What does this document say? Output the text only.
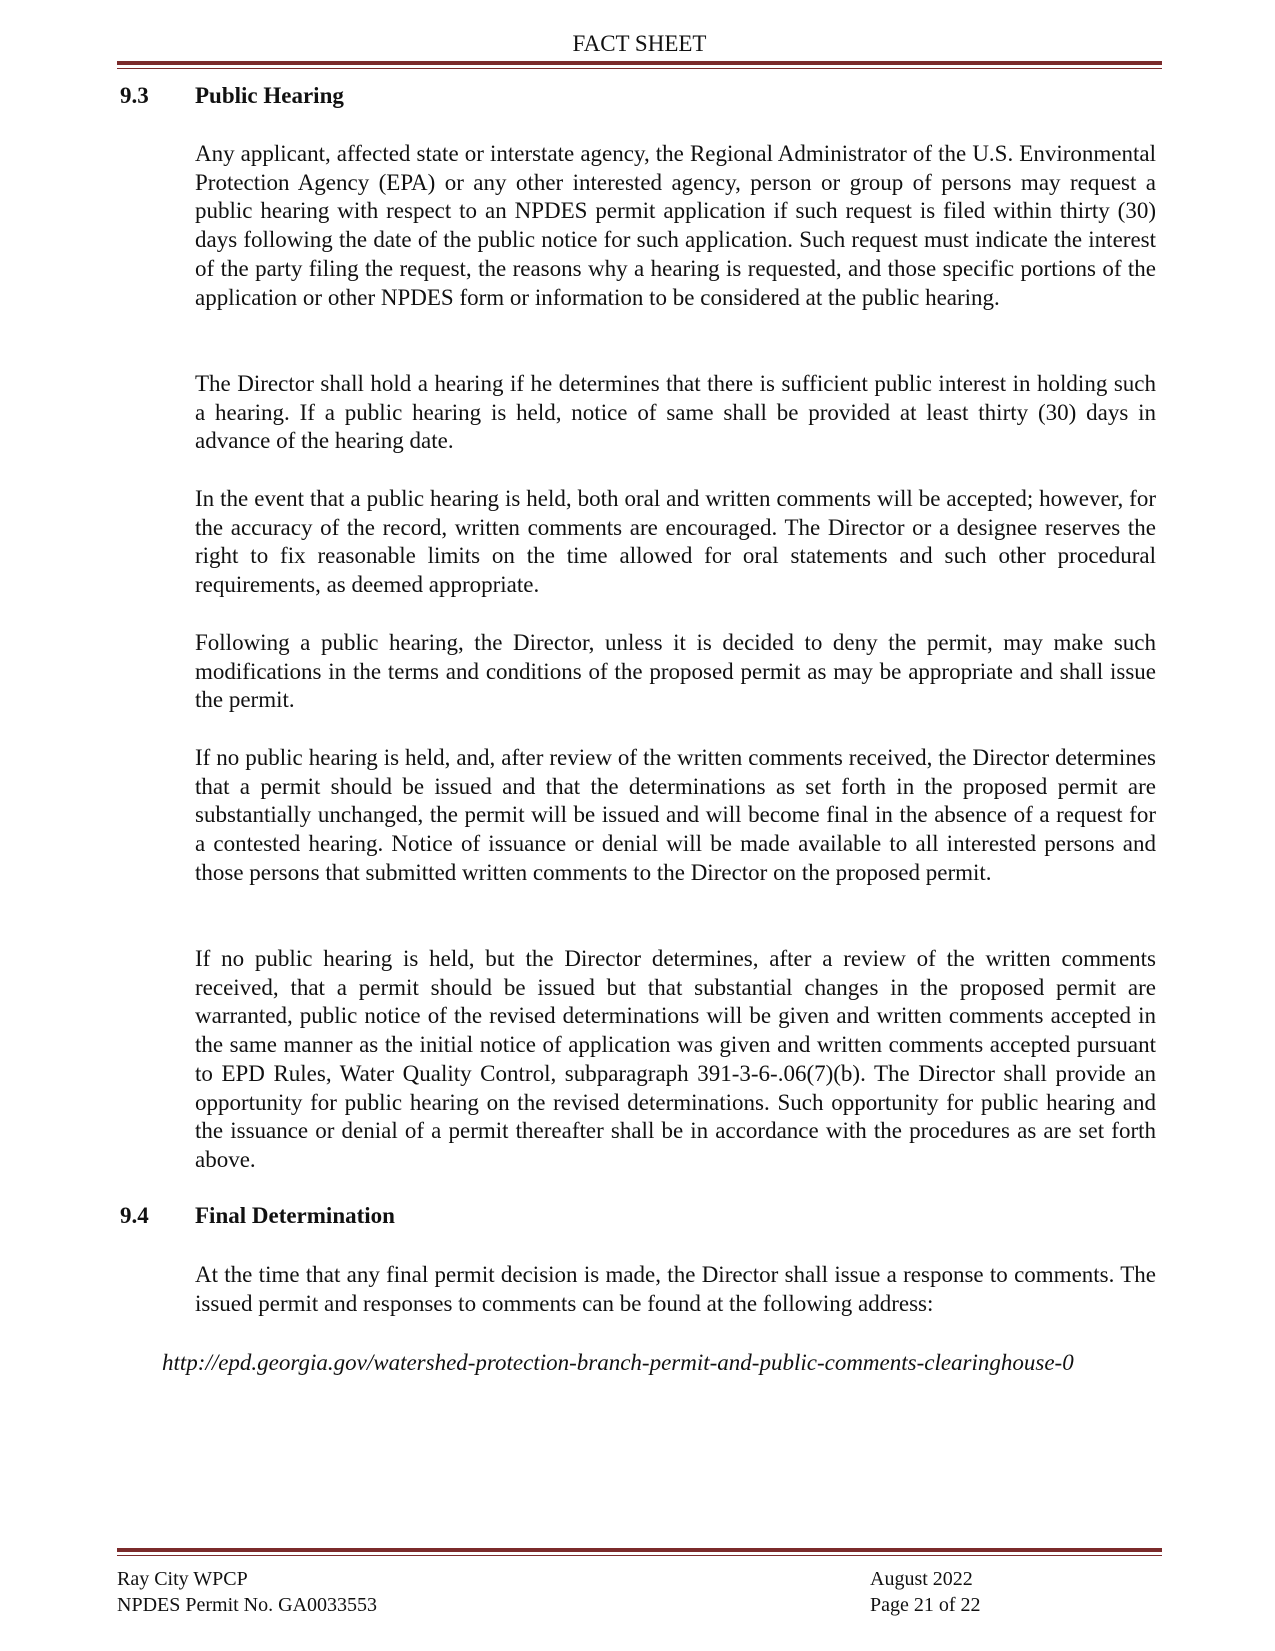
FACT SHEET
9.3 Public Hearing

Any applicant, affected state or interstate agency, the Regional Administrator of the U.S. Environmental Protection Agency (EPA) or any other interested agency, person or group of persons may request a public hearing with respect to an NPDES permit application if such request is filed within thirty (30) days following the date of the public notice for such application. Such request must indicate the interest of the party filing the request, the reasons why a hearing is requested, and those specific portions of the application or other NPDES form or information to be considered at the public hearing.

The Director shall hold a hearing if he determines that there is sufficient public interest in holding such a hearing. If a public hearing is held, notice of same shall be provided at least thirty (30) days in advance of the hearing date.

In the event that a public hearing is held, both oral and written comments will be accepted; however, for the accuracy of the record, written comments are encouraged. The Director or a designee reserves the right to fix reasonable limits on the time allowed for oral statements and such other procedural requirements, as deemed appropriate.

Following a public hearing, the Director, unless it is decided to deny the permit, may make such modifications in the terms and conditions of the proposed permit as may be appropriate and shall issue the permit.

If no public hearing is held, and, after review of the written comments received, the Director determines that a permit should be issued and that the determinations as set forth in the proposed permit are substantially unchanged, the permit will be issued and will become final in the absence of a request for a contested hearing. Notice of issuance or denial will be made available to all interested persons and those persons that submitted written comments to the Director on the proposed permit.

If no public hearing is held, but the Director determines, after a review of the written comments received, that a permit should be issued but that substantial changes in the proposed permit are warranted, public notice of the revised determinations will be given and written comments accepted in the same manner as the initial notice of application was given and written comments accepted pursuant to EPD Rules, Water Quality Control, subparagraph 391-3-6-.06(7)(b). The Director shall provide an opportunity for public hearing on the revised determinations. Such opportunity for public hearing and the issuance or denial of a permit thereafter shall be in accordance with the procedures as are set forth above.

9.4 Final Determination

At the time that any final permit decision is made, the Director shall issue a response to comments. The issued permit and responses to comments can be found at the following address:

http://epd.georgia.gov/watershed-protection-branch-permit-and-public-comments-clearinghouse-0
Ray City WPCP
NPDES Permit No. GA0033553
August 2022
Page 21 of 22
